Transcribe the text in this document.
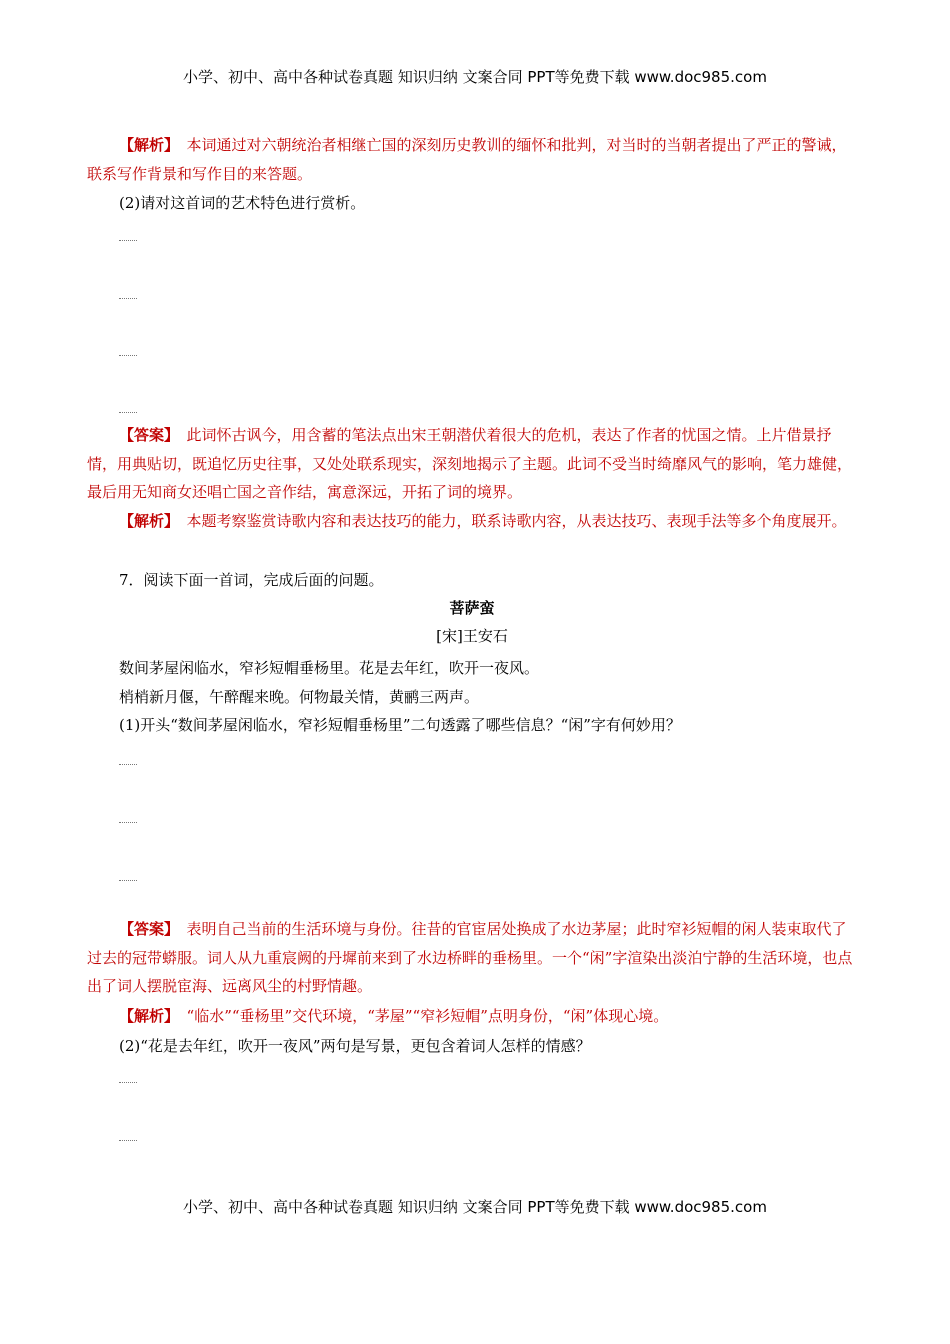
小学、初中、高中各种试卷真题 知识归纳 文案合同 PPT等免费下载 www.doc985.com
【解析】　 本词通过对六朝统治者相继亡国的深刻历史教训的缅怀和批判，对当时的当朝者提出了严正的警诫，联系写作背景和写作目的来答题。
(2)请对这首词的艺术特色进行赏析。
【答案】　 此词怀古讽今，用含蓄的笔法点出宋王朝潜伏着很大的危机，表达了作者的忧国之情。上片借景抒情，用典贴切，既追忆历史往事，又处处联系现实，深刻地揭示了主题。此词不受当时绮靡风气的影响，笔力雄健，最后用无知商女还唱亡国之音作结，寓意深远，开拓了词的境界。
【解析】　 本题考察鉴赏诗歌内容和表达技巧的能力，联系诗歌内容，从表达技巧、表现手法等多个角度展开。
7．阅读下面一首词，完成后面的问题。
菩萨蛮
[宋]王安石
数间茅屋闲临水，窄衫短帽垂杨里。花是去年红，吹开一夜风。
梢梢新月偃，午醉醒来晚。何物最关情，黄鹂三两声。
(1)开头“数间茅屋闲临水，窄衫短帽垂杨里”二句透露了哪些信息？“闲”字有何妙用？
【答案】　 表明自己当前的生活环境与身份。往昔的官宦居处换成了水边茅屋；此时窄衫短帽的闲人装束取代了过去的冠带蟒服。词人从九重宸阙的丹墀前来到了水边桥畔的垂杨里。一个“闲”字渲染出淡泊宁静的生活环境，也点出了词人摆脱宦海、远离风尘的村野情趣。
【解析】　 “临水”“垂杨里”交代环境，“茅屋”“窄衫短帽”点明身份，“闲”体现心境。
(2)“花是去年红，吹开一夜风”两句是写景，更包含着词人怎样的情感？
小学、初中、高中各种试卷真题 知识归纳 文案合同 PPT等免费下载 www.doc985.com
